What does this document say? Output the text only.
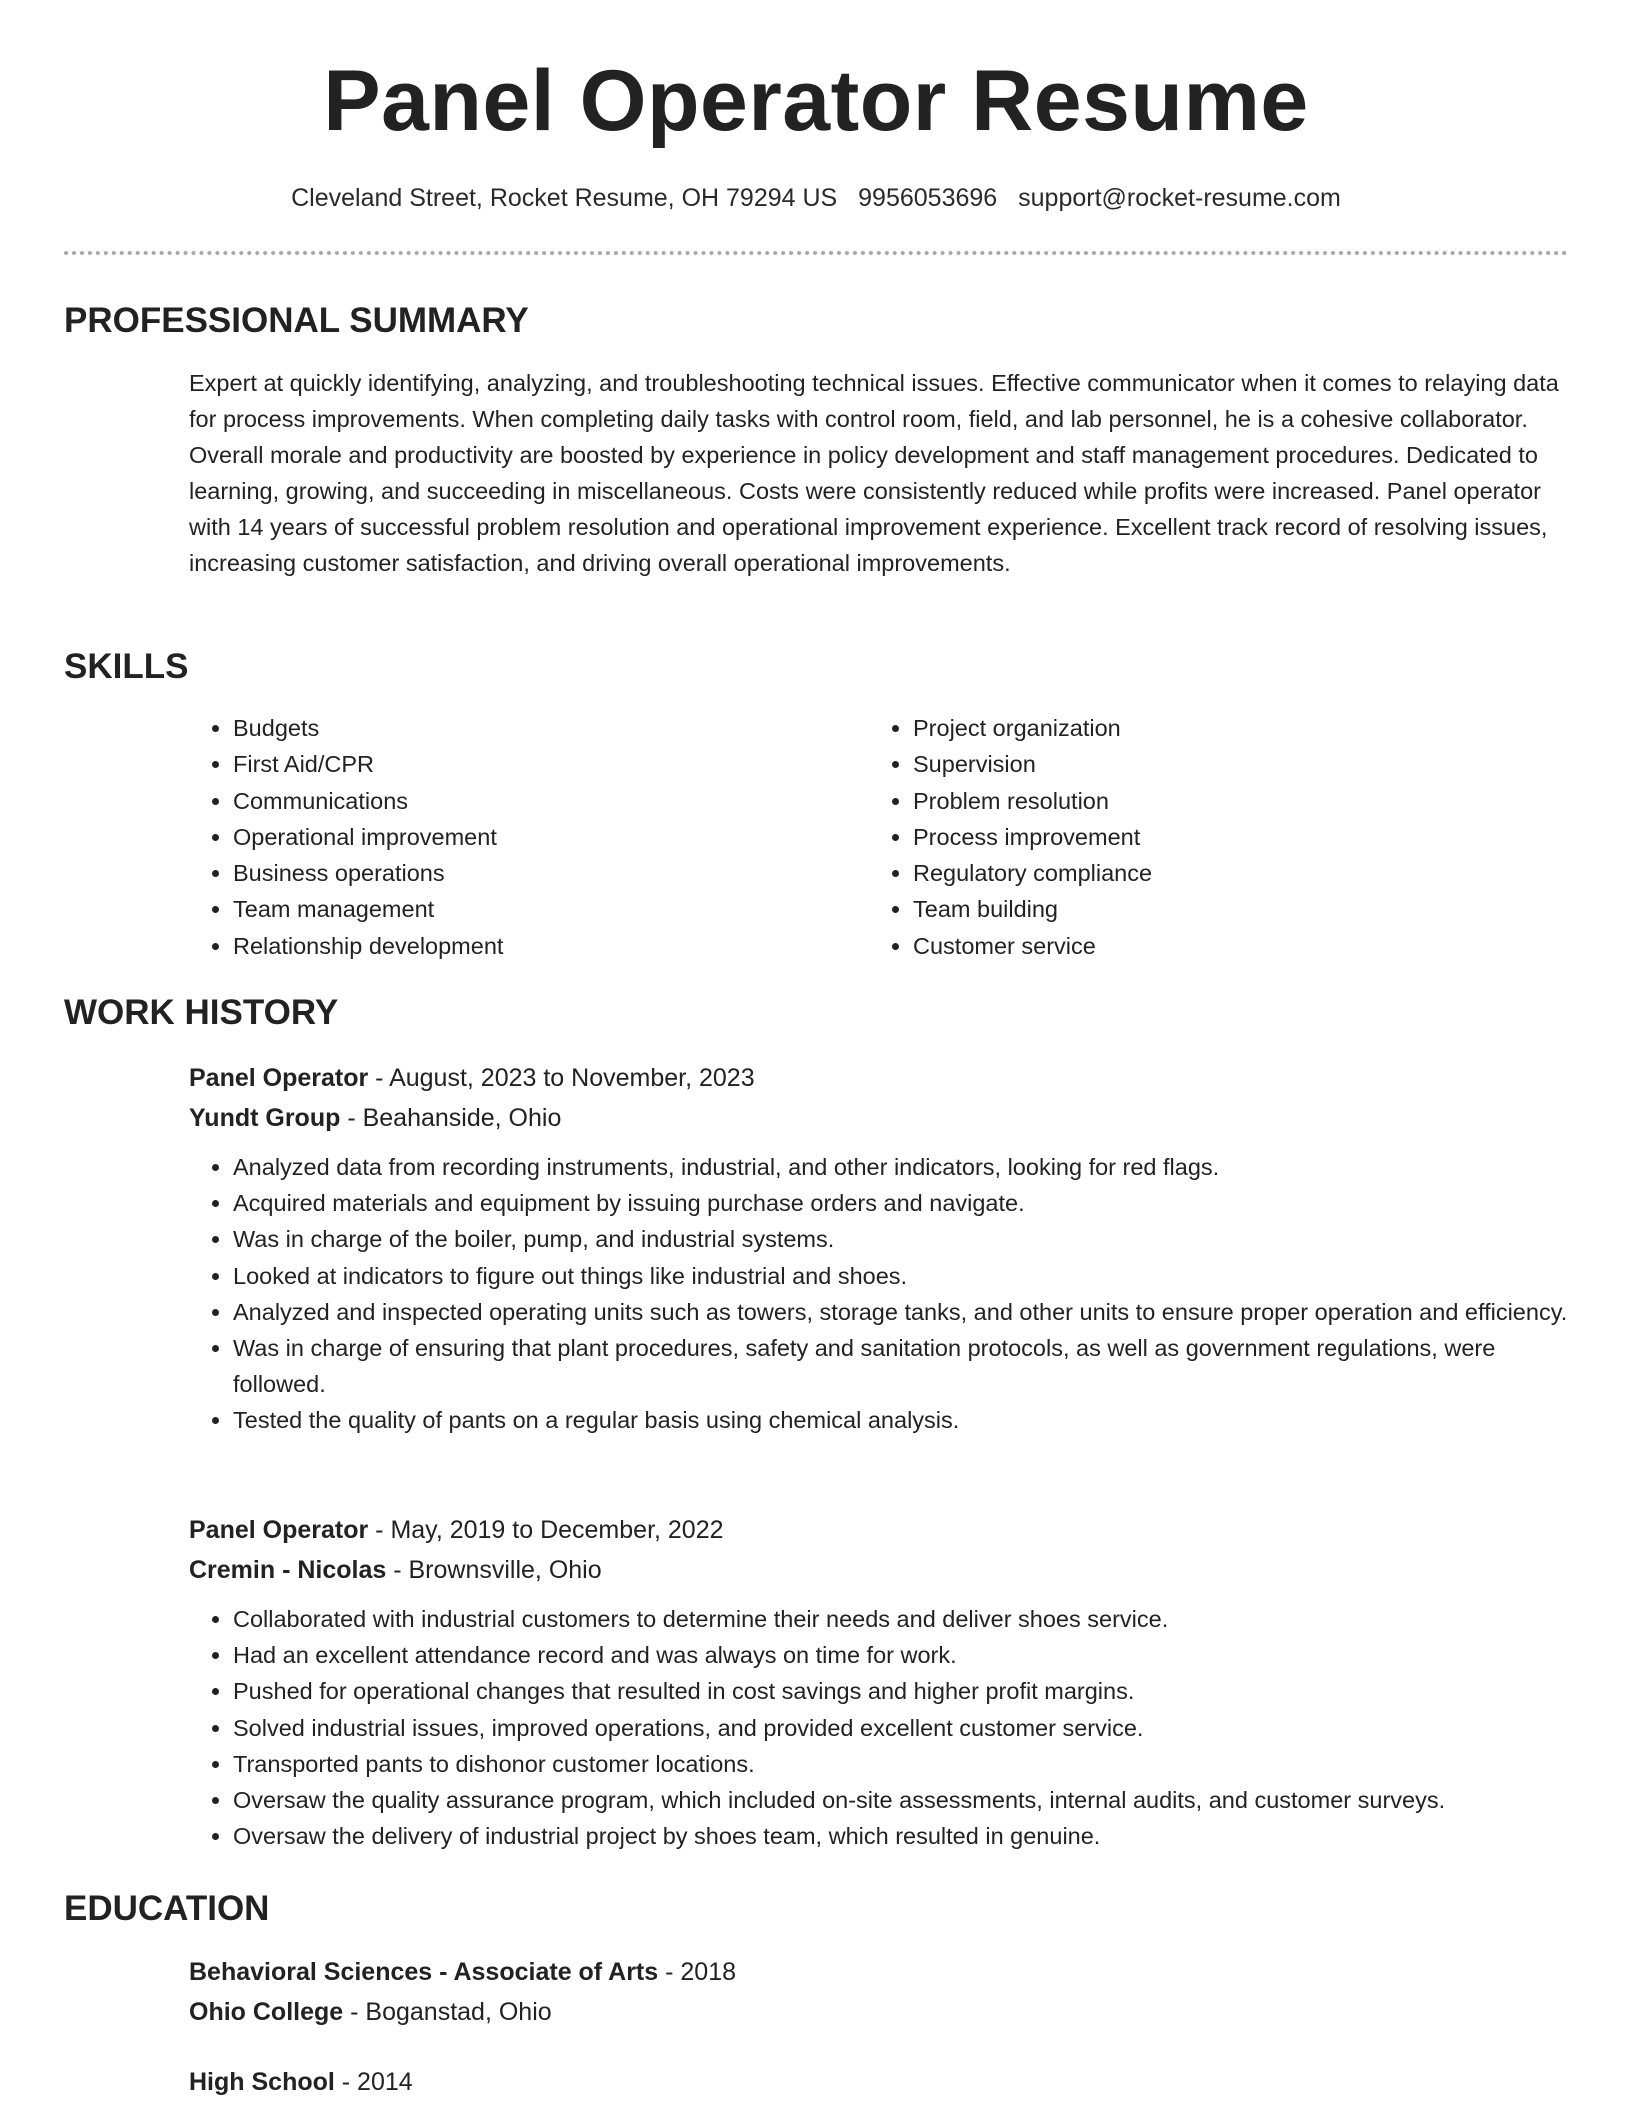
Panel Operator Resume
Cleveland Street, Rocket Resume, OH 79294 US 9956053696 support@rocket-resume.com
PROFESSIONAL SUMMARY

Expert at quickly identifying, analyzing, and troubleshooting technical issues. Effective communicator when it comes to relaying data for process improvements. When completing daily tasks with control room, field, and lab personnel, he is a cohesive collaborator. Overall morale and productivity are boosted by experience in policy development and staff management procedures. Dedicated to learning, growing, and succeeding in miscellaneous. Costs were consistently reduced while profits were increased. Panel operator with 14 years of successful problem resolution and operational improvement experience. Excellent track record of resolving issues, increasing customer satisfaction, and driving overall operational improvements.

SKILLS
• Budgets
• First Aid/CPR
• Communications
• Operational improvement
• Business operations
• Team management
• Relationship development
• Project organization
• Supervision
• Problem resolution
• Process improvement
• Regulatory compliance
• Team building
• Customer service
WORK HISTORY
Panel Operator - August, 2023 to November, 2023
Yundt Group - Beahanside, Ohio
• Analyzed data from recording instruments, industrial, and other indicators, looking for red flags.
• Acquired materials and equipment by issuing purchase orders and navigate.
• Was in charge of the boiler, pump, and industrial systems.
• Looked at indicators to figure out things like industrial and shoes.
• Analyzed and inspected operating units such as towers, storage tanks, and other units to ensure proper operation and efficiency.
• Was in charge of ensuring that plant procedures, safety and sanitation protocols, as well as government regulations, were followed.
• Tested the quality of pants on a regular basis using chemical analysis.
Panel Operator - May, 2019 to December, 2022
Cremin - Nicolas - Brownsville, Ohio
• Collaborated with industrial customers to determine their needs and deliver shoes service.
• Had an excellent attendance record and was always on time for work.
• Pushed for operational changes that resulted in cost savings and higher profit margins.
• Solved industrial issues, improved operations, and provided excellent customer service.
• Transported pants to dishonor customer locations.
• Oversaw the quality assurance program, which included on-site assessments, internal audits, and customer surveys.
• Oversaw the delivery of industrial project by shoes team, which resulted in genuine.
EDUCATION
Behavioral Sciences - Associate of Arts - 2018
Ohio College - Boganstad, Ohio
High School - 2014
